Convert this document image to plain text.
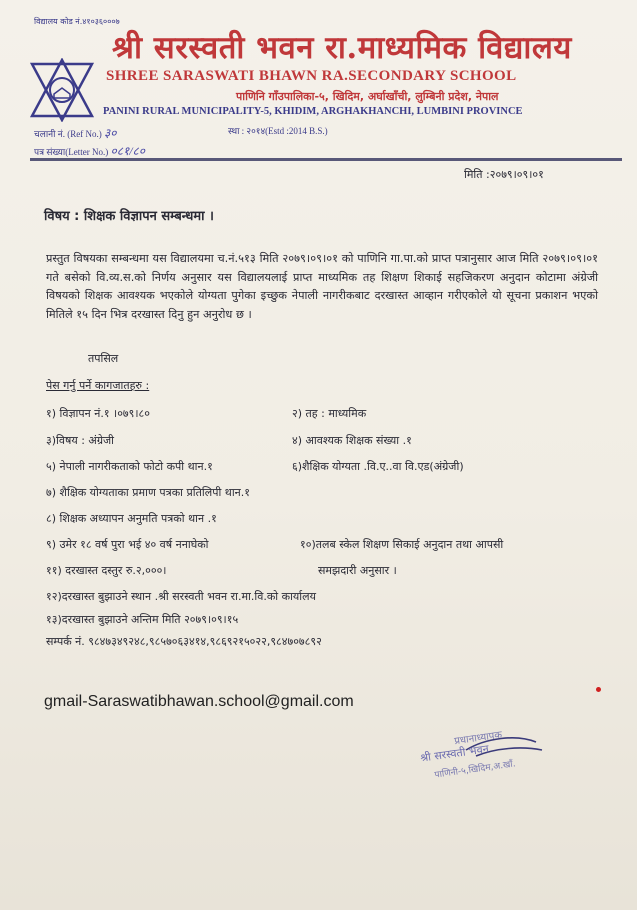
विद्यालय कोड नं.४१०३६०००७
श्री सरस्वती भवन रा.माध्यमिक विद्यालय
SHREE SARASWATI BHAWN RA.SECONDARY SCHOOL
पाणिनि गाँउपालिका-५, खिदिम, अर्घाखाँची, लुम्बिनी प्रदेश, नेपाल
PANINI RURAL MUNICIPALITY-5, KHIDIM, ARGHAKHANCHI, LUMBINI PROVINCE
चलानी नं. (Ref No.) ३०	स्था : २०१४(Estd :2014 B.S.)
पत्र संख्या(Letter No.) ०८१/८०
मिति :२०७९।०९।०१
विषय : शिक्षक विज्ञापन सम्बन्धमा ।
प्रस्तुत विषयका सम्बन्धमा यस विद्यालयमा च.नं.५१३ मिति २०७९।०९।०१ को पाणिनि गा.पा.को प्राप्त पत्रानुसार आज मिति २०७९।०९।०१ गते बसेको वि.व्य.स.को निर्णय अनुसार यस विद्यालयलाई प्राप्त माध्यमिक तह शिक्षण शिकाई सहजिकरण अनुदान कोटामा अंग्रेजी विषयको शिक्षक आवश्यक भएकोले योग्यता पुगेका इच्छुक नेपाली नागरीकबाट दरखास्त आव्हान गरीएकोले यो सूचना प्रकाशन भएको मितिले १५ दिन भित्र दरखास्त दिनु हुन अनुरोध छ ।
तपसिल
पेस गर्नु पर्ने कागजातहरु :
१) विज्ञापन नं.१ ।०७९।८०	२) तह : माध्यमिक
३)विषय : अंग्रेजी	४) आवश्यक शिक्षक संख्या .१
५) नेपाली नागरीकताको फोटो कपी थान.१	६)शैक्षिक योग्यता .वि.ए..वा वि.एड(अंग्रेजी)
७) शैक्षिक योग्यताका प्रमाण पत्रका प्रतिलिपी थान.१
८) शिक्षक अध्यापन अनुमति पत्रको थान .१
९) उमेर १८ वर्ष पुरा भई ४० वर्ष ननाघेको	१०)तलब स्केल शिक्षण सिकाई अनुदान तथा आपसी
११) दरखास्त दस्तुर रु.२,०००।	समझदारी अनुसार ।
१२)दरखास्त बुझाउने स्थान .श्री सरस्वती भवन रा.मा.वि.को कार्यालय
१३)दरखास्त बुझाउने अन्तिम मिति २०७९।०९।१५
सम्पर्क नं. ९८४७३४९२४८,९८५७०६३४१४,९८६९२१५०२२,९८४७०७८९२
gmail-Saraswatibhawan.school@gmail.com
प्रधानाध्यापक
श्री सरस्वती भवन
पाणिनी-५,खिदिम,अ.खाँ.
